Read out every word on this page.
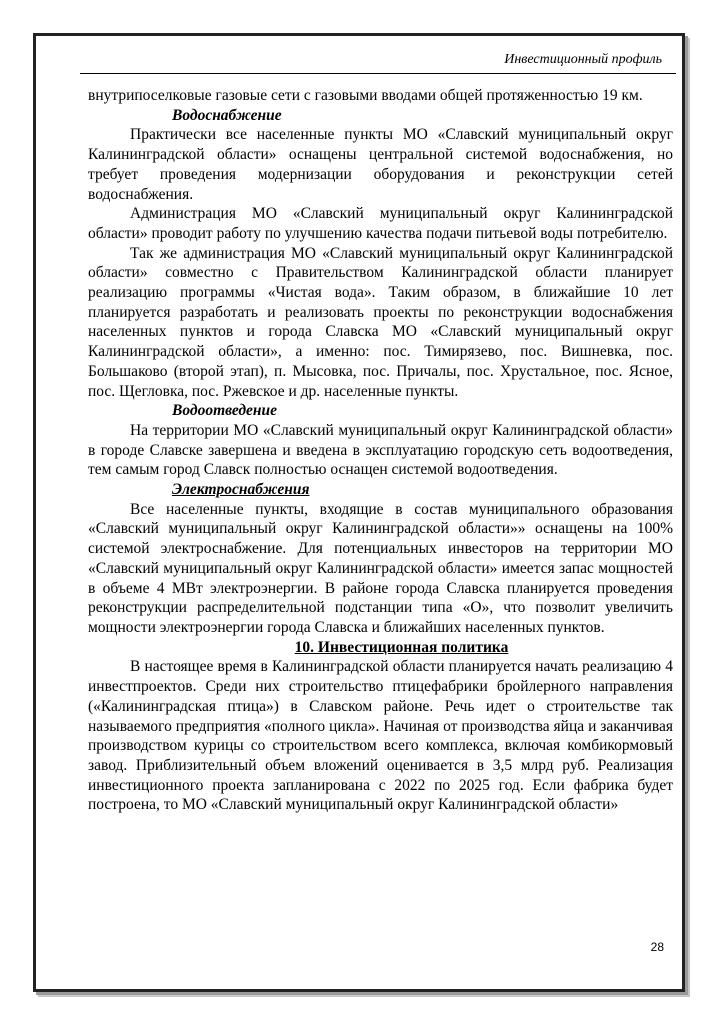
Инвестиционный профиль

внутрипоселковые газовые сети с газовыми вводами общей протяженностью 19 км.

Водоснабжение

Практически все населенные пункты МО «Славский муниципальный округ Калининградской области» оснащены центральной системой водоснабжения, но требует проведения модернизации оборудования и реконструкции сетей водоснабжения.

Администрация МО «Славский муниципальный округ Калининградской области» проводит работу по улучшению качества подачи питьевой воды потребителю.

Так же администрация МО «Славский муниципальный округ Калининградской области» совместно с Правительством Калининградской области планирует реализацию программы «Чистая вода». Таким образом, в ближайшие 10 лет планируется разработать и реализовать проекты по реконструкции водоснабжения населенных пунктов и города Славска МО «Славский муниципальный округ Калининградской области», а именно: пос. Тимирязево, пос. Вишневка, пос. Большаково (второй этап), п. Мысовка, пос. Причалы, пос. Хрустальное, пос. Ясное, пос. Щегловка, пос. Ржевское и др. населенные пункты.

Водоотведение

На территории МО «Славский муниципальный округ Калининградской области» в городе Славске завершена и введена в эксплуатацию городскую сеть водоотведения, тем самым город Славск полностью оснащен системой водоотведения.

Электроснабжения

Все населенные пункты, входящие в состав муниципального образования «Славский муниципальный округ Калининградской области»» оснащены на 100% системой электроснабжение. Для потенциальных инвесторов на территории МО «Славский муниципальный округ Калининградской области» имеется запас мощностей в объеме 4 МВт электроэнергии. В районе города Славска планируется проведения реконструкции распределительной подстанции типа «О», что позволит увеличить мощности электроэнергии города Славска и ближайших населенных пунктов.

10. Инвестиционная политика

В настоящее время в Калининградской области планируется начать реализацию 4 инвестпроектов. Среди них строительство птицефабрики бройлерного направления («Калининградская птица») в Славском районе. Речь идет о строительстве так называемого предприятия «полного цикла». Начиная от производства яйца и заканчивая производством курицы со строительством всего комплекса, включая комбикормовый завод. Приблизительный объем вложений оценивается в 3,5 млрд руб. Реализация инвестиционного проекта запланирована с 2022 по 2025 год. Если фабрика будет построена, то МО «Славский муниципальный округ Калининградской области»

28
